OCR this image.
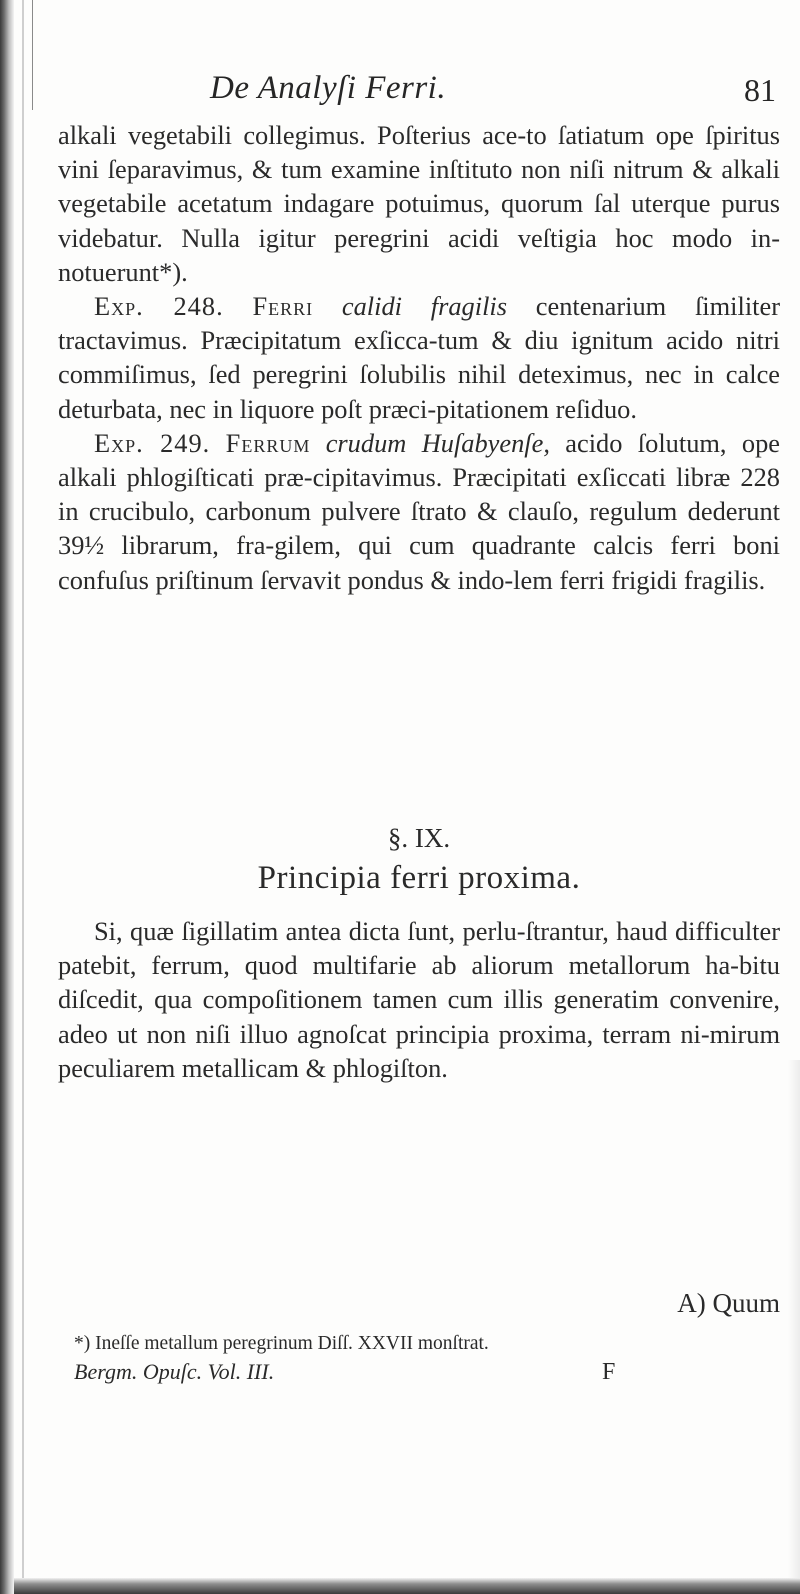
De Analyſi Ferri.	81

alkali vegetabili collegimus. Poſterius ace-to ſatiatum ope ſpiritus vini ſeparavimus, & tum examine inſtituto non niſi nitrum & alkali vegetabile acetatum indagare potuimus, quorum ſal uterque purus videbatur. Nulla igitur peregrini acidi veſtigia hoc modo in-notuerunt*).

Exp. 248. Ferri calidi fragilis centenarium ſimiliter tractavimus. Præcipitatum exſicca-tum & diu ignitum acido nitri commiſimus, ſed peregrini ſolubilis nihil deteximus, nec in calce deturbata, nec in liquore poſt præci-pitationem reſiduo.

Exp. 249. Ferrum crudum Huſabyenſe, acido ſolutum, ope alkali phlogiſticati præ-cipitavimus. Præcipitati exſiccati libræ 228 in crucibulo, carbonum pulvere ſtrato & clauſo, regulum dederunt 39½ librarum, fra-gilem, qui cum quadrante calcis ferri boni confuſus priſtinum ſervavit pondus & indo-lem ferri frigidi fragilis.

§. IX.
Principia ferri proxima.

Si, quæ ſigillatim antea dicta ſunt, perlu-ſtrantur, haud difficulter patebit, ferrum, quod multifarie ab aliorum metallorum ha-bitu diſcedit, qua compoſitionem tamen cum illis generatim convenire, adeo ut non niſi illuo agnoſcat principia proxima, terram ni-mirum peculiarem metallicam & phlogiſton.

A) Quum
*) Ineſſe metallum peregrinum Diſſ. XXVII monſtrat.
Bergm. Opuſc. Vol. III.	F
